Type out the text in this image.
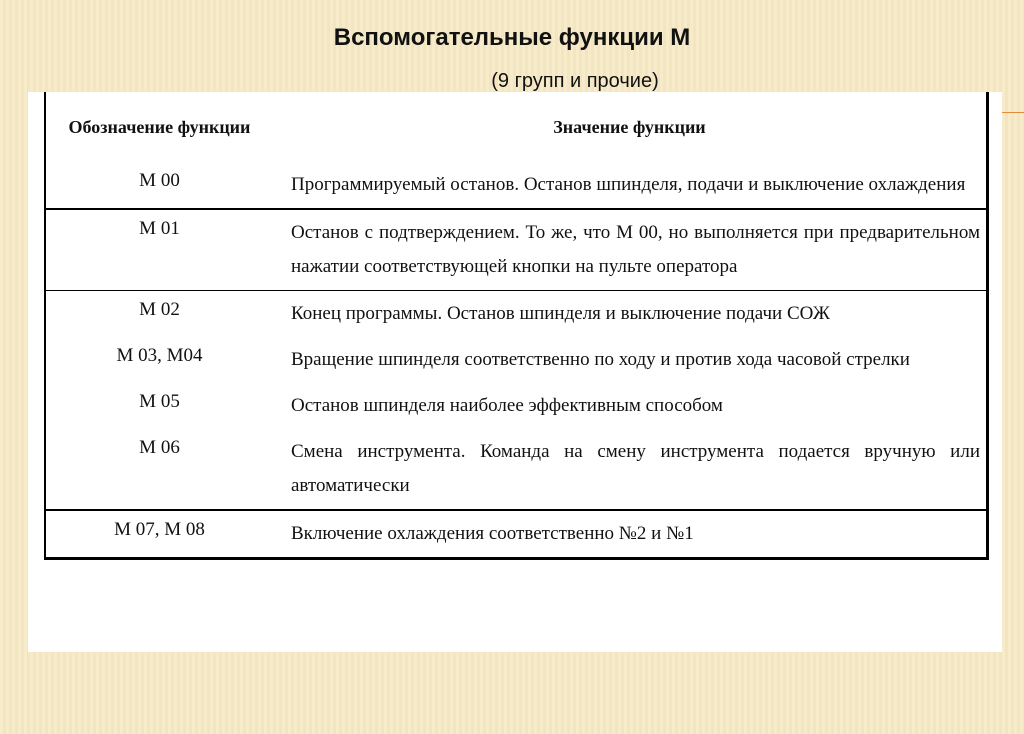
Вспомогательные функции М
(9 групп и прочие)
Обозначение функции	Значение функции
М 00	Программируемый останов. Останов шпинделя, подачи и выключение охлаждения
М 01	Останов с подтверждением. То же, что М 00, но выполняется при предварительном нажатии соответствующей кнопки на пульте оператора
М 02	Конец программы. Останов шпинделя и выключение подачи СОЖ
М 03, М04	Вращение шпинделя соответственно по ходу и против хода часовой стрелки
М 05	Останов шпинделя наиболее эффективным способом
М 06	Смена инструмента. Команда на смену инструмента подается вручную или автоматически
М 07, М 08	Включение охлаждения соответственно №2 и №1
